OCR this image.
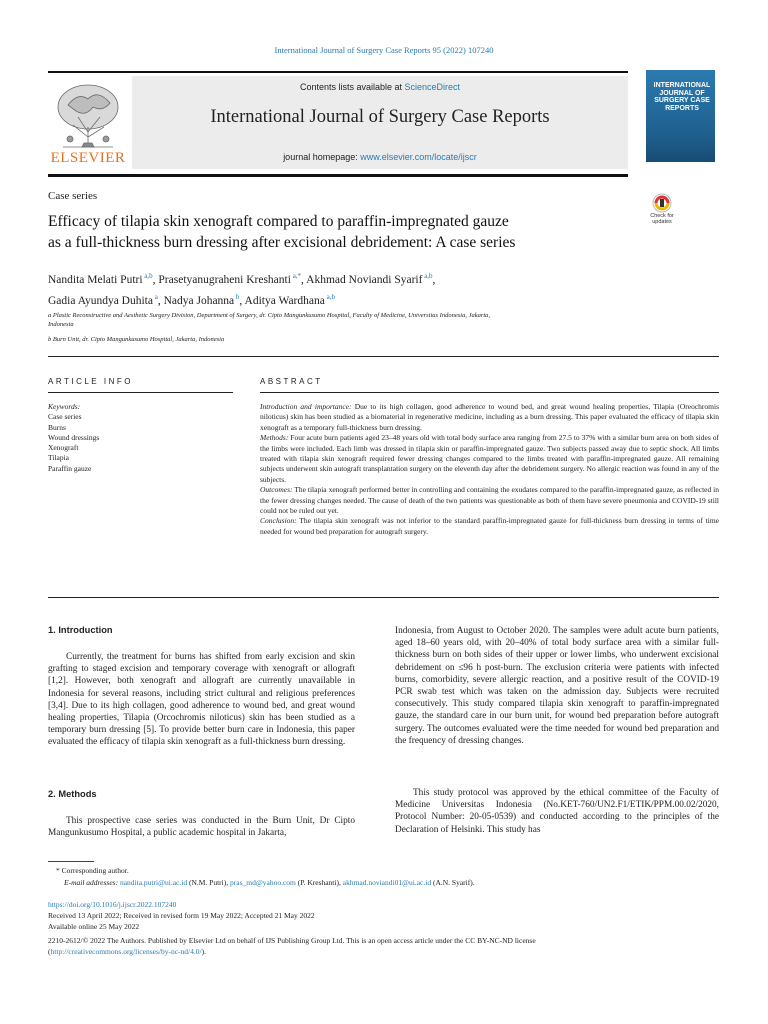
International Journal of Surgery Case Reports 95 (2022) 107240
ELSEVIER
Contents lists available at ScienceDirect
International Journal of Surgery Case Reports
journal homepage: www.elsevier.com/locate/ijscr
INTERNATIONAL JOURNAL OF SURGERY CASE REPORTS
Case series
Efficacy of tilapia skin xenograft compared to paraffin-impregnated gauze
as a full-thickness burn dressing after excisional debridement: A case series
Check for updates
Nandita Melati Putri $^{a,b}$, Prasetyanugraheni Kreshanti $^{a,*}$, Akhmad Noviandi Syarif $^{a,b}$,
Gadia Ayundya Duhita $^a$, Nadya Johanna $^b$, Aditya Wardhana $^{a,b}$
a Plastic Reconstructive and Aesthetic Surgery Division, Department of Surgery, dr. Cipto Mangunkusumo Hospital, Faculty of Medicine, Universitas Indonesia, Jakarta,
Indonesia
b Burn Unit, dr. Cipto Mangunkusumo Hospital, Jakarta, Indonesia
ARTICLE INFO	ABSTRACT
Keywords:
Case series
Burns
Wound dressings
Xenograft
Tilapia
Paraffin gauze
Introduction and importance: Due to its high collagen, good adherence to wound bed, and great wound healing properties, Tilapia (Oreochromis niloticus) skin has been studied as a biomaterial in regenerative medicine, including as a burn dressing. This paper evaluated the efficacy of tilapia skin xenograft as a temporary full-thickness burn dressing.
Methods: Four acute burn patients aged 23–48 years old with total body surface area ranging from 27.5 to 37% with a similar burn area on both sides of the limbs were included. Each limb was dressed in tilapia skin or paraffin-impregnated gauze. Two subjects passed away due to septic shock. All limbs treated with tilapia skin xenograft required fewer dressing changes compared to the limbs treated with paraffin-impregnated gauze. All remaining subjects underwent skin autograft transplantation surgery on the eleventh day after the debridement surgery. No allergic reaction was found in any of the subjects.
Outcomes: The tilapia xenograft performed better in controlling and containing the exudates compared to the paraffin-impregnated gauze, as reflected in the fewer dressing changes needed. The cause of death of the two patients was questionable as both of them have severe pneumonia and COVID-19 still could not be ruled out yet.
Conclusion: The tilapia skin xenograft was not inferior to the standard paraffin-impregnated gauze for full-thickness burn dressing in terms of time needed for wound bed preparation for autograft surgery.
1. Introduction
Currently, the treatment for burns has shifted from early excision and skin grafting to staged excision and temporary coverage with xenograft or allograft [1,2]. However, both xenograft and allograft are currently unavailable in Indonesia for several reasons, including strict cultural and religious preferences [3,4]. Due to its high collagen, good adherence to wound bed, and great wound healing properties, Tilapia (Orcochromis niloticus) skin has been studied as a temporary burn dressing [5]. To provide better burn care in Indonesia, this paper evaluated the efficacy of tilapia skin xenograft as a full-thickness burn dressing.
2. Methods
This prospective case series was conducted in the Burn Unit, Dr Cipto Mangunkusumo Hospital, a public academic hospital in Jakarta,
Indonesia, from August to October 2020. The samples were adult acute burn patients, aged 18–60 years old, with 20–40% of total body surface area with a similar full-thickness burn on both sides of their upper or lower limbs, who underwent excisional debridement on ≤96 h post-burn. The exclusion criteria were patients with infected burns, comorbidity, severe allergic reaction, and a positive result of the COVID-19 PCR swab test which was taken on the admission day. Subjects were recruited consecutively. This study compared tilapia skin xenograft to paraffin-impregnated gauze, the standard care in our burn unit, for wound bed preparation before autograft surgery. The outcomes evaluated were the time needed for wound bed preparation and the frequency of dressing changes.
This study protocol was approved by the ethical committee of the Faculty of Medicine Universitas Indonesia (No.KET-760/UN2.F1/ETIK/PPM.00.02/2020, Protocol Number: 20-05-0539) and conducted according to the principles of the Declaration of Helsinki. This study has
* Corresponding author.
E-mail addresses: nandita.putri@ui.ac.id (N.M. Putri), pras_md@yahoo.com (P. Kreshanti), akhmad.noviandi01@ui.ac.id (A.N. Syarif).
https://doi.org/10.1016/j.ijscr.2022.107240
Received 13 April 2022; Received in revised form 19 May 2022; Accepted 21 May 2022
Available online 25 May 2022
2210-2612/© 2022 The Authors. Published by Elsevier Ltd on behalf of IJS Publishing Group Ltd. This is an open access article under the CC BY-NC-ND license
(http://creativecommons.org/licenses/by-nc-nd/4.0/).
